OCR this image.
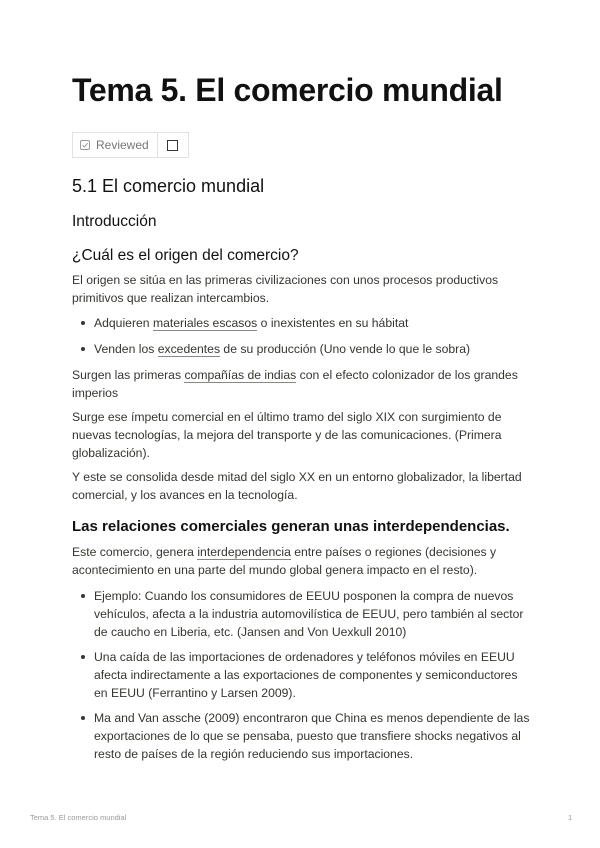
Tema 5. El comercio mundial
Reviewed
5.1 El comercio mundial
Introducción
¿Cuál es el origen del comercio?

El origen se sitúa en las primeras civilizaciones con unos procesos productivos primitivos que realizan intercambios.

Adquieren materiales escasos o inexistentes en su hábitat
Venden los excedentes de su producción (Uno vende lo que le sobra)

Surgen las primeras compañías de indias con el efecto colonizador de los grandes imperios

Surge ese ímpetu comercial en el último tramo del siglo XIX con surgimiento de nuevas tecnologías, la mejora del transporte y de las comunicaciones. (Primera globalización).

Y este se consolida desde mitad del siglo XX en un entorno globalizador, la libertad comercial, y los avances en la tecnología.

Las relaciones comerciales generan unas interdependencias.

Este comercio, genera interdependencia entre países o regiones (decisiones y acontecimiento en una parte del mundo global genera impacto en el resto).

Ejemplo: Cuando los consumidores de EEUU posponen la compra de nuevos vehículos, afecta a la industria automovilística de EEUU, pero también al sector de caucho en Liberia, etc. (Jansen and Von Uexkull 2010)
Una caída de las importaciones de ordenadores y teléfonos móviles en EEUU afecta indirectamente a las exportaciones de componentes y semiconductores en EEUU (Ferrantino y Larsen 2009).
Ma and Van assche (2009) encontraron que China es menos dependiente de las exportaciones de lo que se pensaba, puesto que transfiere shocks negativos al resto de países de la región reduciendo sus importaciones.
Tema 5. El comercio mundial	1
